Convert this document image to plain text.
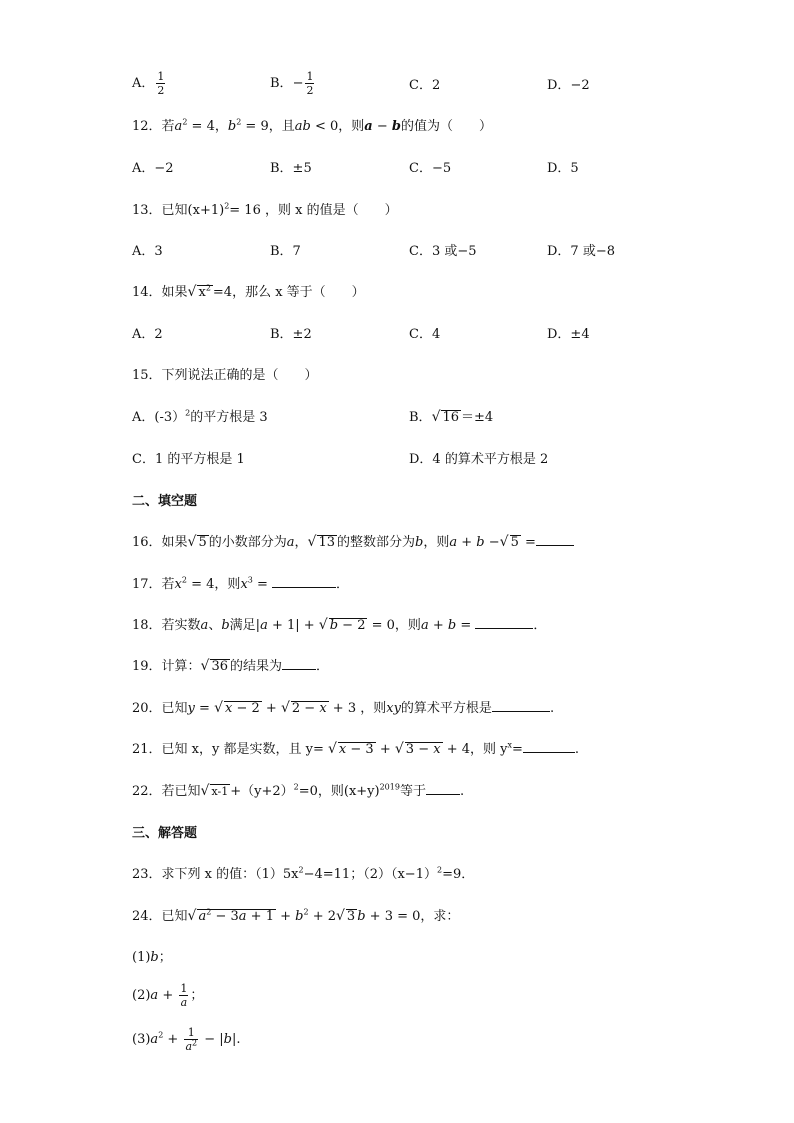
A． $\frac{1}{2}$	B．− $\frac{1}{2}$	C．2	D．−2
12．若$a^2 = 4$，$b^2 = 9$，且ab < 0，则a − b的值为（　　）
A．−2	B．±5	C．−5	D．5
13．已知$(x+1)^2= 16$ ，则 x 的值是（　　）
A．3	B．7	C．3 或−5	D．7 或−8
14．如果√ $x^2 =4$，那么 x 等于（　　）
A．2	B．±2	C．4	D．±4
15．下列说法正确的是（　　）
A．(-3）$^2$的平方根是 3	B．√ 16 ＝±4
C．1 的平方根是 1	D．4 的算术平方根是 2
二、填空题
16．如果√ 5 的小数部分为a，√ 13 的整数部分为b，则a + b −√ 5 =
17．若$x^2 = 4$，则$x^3$ =	．
18．若实数a、b满足|a + 1| + √ b − 2 = 0，则a + b =	．
19．计算：√ 36 的结果为	．
20．已知y = √ x − 2 + √ 2 − x + 3 ，则xy的算术平方根是	.
21．已知 x，y 都是实数，且 y= √ x − 3 + √ 3 − x + 4，则 $y^x=$	.
22．若已知√ $x-1 +(y+2)^2=0$，则$(x+y)^{2019}$等于	.
三、解答题
23．求下列 x 的值：$(1)5x^2-4=11$；$(2)(x-1)^2=9$．
24．已知√ $a^2 - 3a + 1 + b^2 + 2√$ 3 b + 3 = 0，求：
(1)b；
$(2)a + \frac{1}{a}$ ；
$(3)a^2 + \frac{1}{a^2} - |b|$.
